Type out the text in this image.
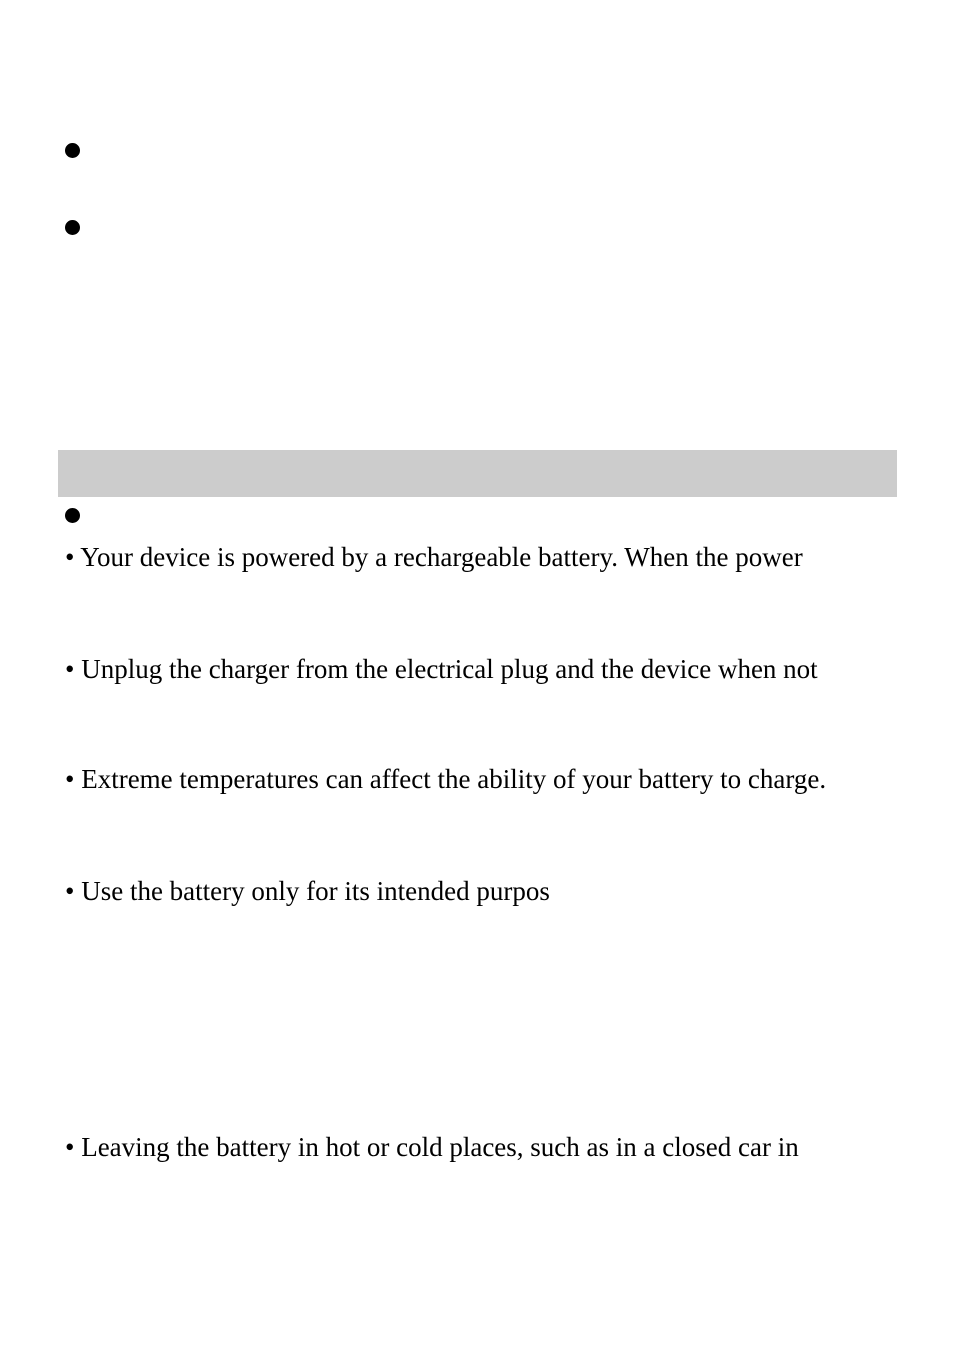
• Your device is powered by a rechargeable battery. When the power
• Unplug the charger from the electrical plug and the device when not
• Extreme temperatures can affect the ability of your battery to charge.
• Use the battery only for its intended purpos
• Leaving the battery in hot or cold places, such as in a closed car in
